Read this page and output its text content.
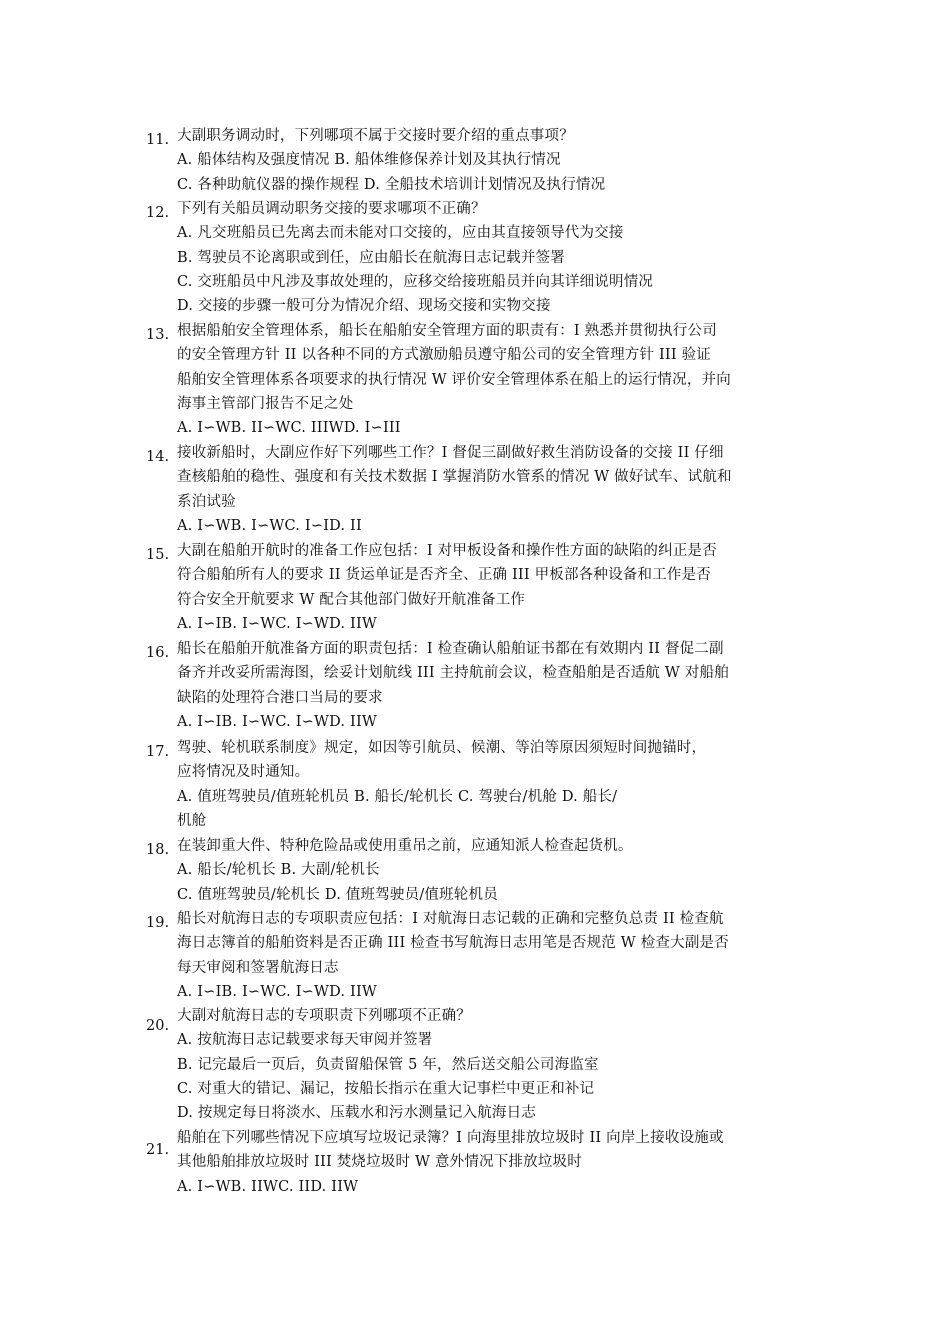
11. 大副职务调动时，下列哪项不属于交接时要介绍的重点事项？
A. 船体结构及强度情况 B. 船体维修保养计划及其执行情况
C. 各种助航仪器的操作规程 D. 全船技术培训计划情况及执行情况
12. 下列有关船员调动职务交接的要求哪项不正确？
A. 凡交班船员已先离去而未能对口交接的，应由其直接领导代为交接
B. 驾驶员不论离职或到任，应由船长在航海日志记载并签署
C. 交班船员中凡涉及事故处理的，应移交给接班船员并向其详细说明情况
D. 交接的步骤一般可分为情况介绍、现场交接和实物交接
13. 根据船舶安全管理体系，船长在船舶安全管理方面的职责有：I 熟悉并贯彻执行公司
的安全管理方针 II 以各种不同的方式激励船员遵守船公司的安全管理方针 III 验证
船舶安全管理体系各项要求的执行情况 W 评价安全管理体系在船上的运行情况，并向
海事主管部门报告不足之处
A. I∽WB. II∽WC. IIIWD. I∽III
14. 接收新船时，大副应作好下列哪些工作？I 督促三副做好救生消防设备的交接 II 仔细
查核船舶的稳性、强度和有关技术数据 I 掌握消防水管系的情况 W 做好试车、试航和
系泊试验
A. I∽WB. I∽WC. I∽ID. II
15. 大副在船舶开航时的准备工作应包括：I 对甲板设备和操作性方面的缺陷的纠正是否
符合船舶所有人的要求 II 货运单证是否齐全、正确 III 甲板部各种设备和工作是否
符合安全开航要求 W 配合其他部门做好开航准备工作
A. I∽IB. I∽WC. I∽WD. IIW
16. 船长在船舶开航准备方面的职责包括：I 检查确认船舶证书都在有效期内 II 督促二副
备齐并改妥所需海图，绘妥计划航线 III 主持航前会议，检查船舶是否适航 W 对船舶
缺陷的处理符合港口当局的要求
A. I∽IB. I∽WC. I∽WD. IIW
17. 驾驶、轮机联系制度》规定，如因等引航员、候潮、等泊等原因须短时间抛锚时，
应将情况及时通知。
A. 值班驾驶员/值班轮机员 B. 船长/轮机长 C. 驾驶台/机舱 D. 船长/
机舱
18. 在装卸重大件、特种危险品或使用重吊之前，应通知派人检查起货机。
A. 船长/轮机长 B. 大副/轮机长
C. 值班驾驶员/轮机长 D. 值班驾驶员/值班轮机员
19. 船长对航海日志的专项职责应包括：I 对航海日志记载的正确和完整负总责 II 检查航
海日志簿首的船舶资料是否正确 III 检查书写航海日志用笔是否规范 W 检查大副是否
每天审阅和签署航海日志
A. I∽IB. I∽WC. I∽WD. IIW
20.
大副对航海日志的专项职责下列哪项不正确？
A. 按航海日志记载要求每天审阅并签署
B. 记完最后一页后，负责留船保管 5 年，然后送交船公司海监室
C. 对重大的错记、漏记，按船长指示在重大记事栏中更正和补记
D. 按规定每日将淡水、压载水和污水测量记入航海日志
21.
船舶在下列哪些情况下应填写垃圾记录簿？I 向海里排放垃圾时 II 向岸上接收设施或
其他船舶排放垃圾时 III 焚烧垃圾时 W 意外情况下排放垃圾时
A. I∽WB. IIWC. IID. IIW
